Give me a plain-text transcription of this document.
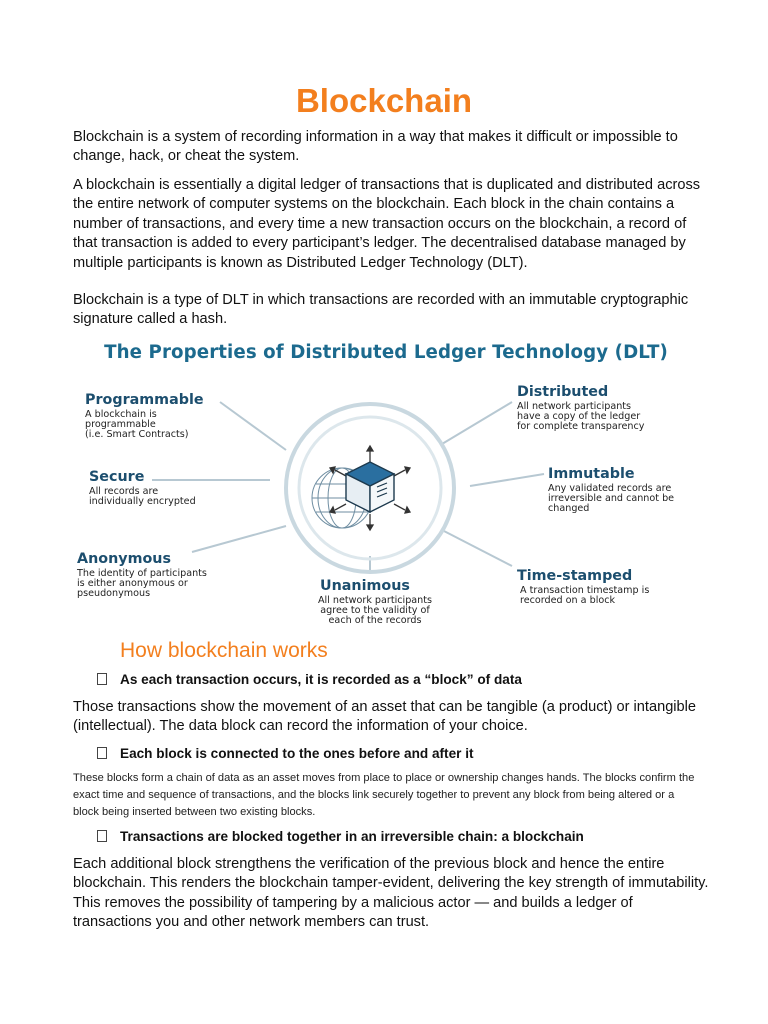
Blockchain

Blockchain is a system of recording information in a way that makes it difficult or impossible to change, hack, or cheat the system.

A blockchain is essentially a digital ledger of transactions that is duplicated and distributed across the entire network of computer systems on the blockchain. Each block in the chain contains a number of transactions, and every time a new transaction occurs on the blockchain, a record of that transaction is added to every participant’s ledger. The decentralised database managed by multiple participants is known as Distributed Ledger Technology (DLT).

Blockchain is a type of DLT in which transactions are recorded with an immutable cryptographic signature called a hash.

The Properties of Distributed Ledger Technology (DLT)
Programmable
A blockchain is
programmable
(i.e. Smart Contracts)
Secure
All records are
individually encrypted
Anonymous
The identity of participants
is either anonymous or
pseudonymous	Unanimous
All network participants
agree to the validity of
each of the records
Distributed
All network participants
have a copy of the ledger
for complete transparency
Immutable
Any validated records are
irreversible and cannot be
changed
Time-stamped
A transaction timestamp is
recorded on a block
How blockchain works
As each transaction occurs, it is recorded as a “block” of data

Those transactions show the movement of an asset that can be tangible (a product) or intangible (intellectual). The data block can record the information of your choice.

Each block is connected to the ones before and after it

These blocks form a chain of data as an asset moves from place to place or ownership changes hands. The blocks confirm the exact time and sequence of transactions, and the blocks link securely together to prevent any block from being altered or a block being inserted between two existing blocks.

Transactions are blocked together in an irreversible chain: a blockchain

Each additional block strengthens the verification of the previous block and hence the entire blockchain. This renders the blockchain tamper-evident, delivering the key strength of immutability. This removes the possibility of tampering by a malicious actor — and builds a ledger of transactions you and other network members can trust.
